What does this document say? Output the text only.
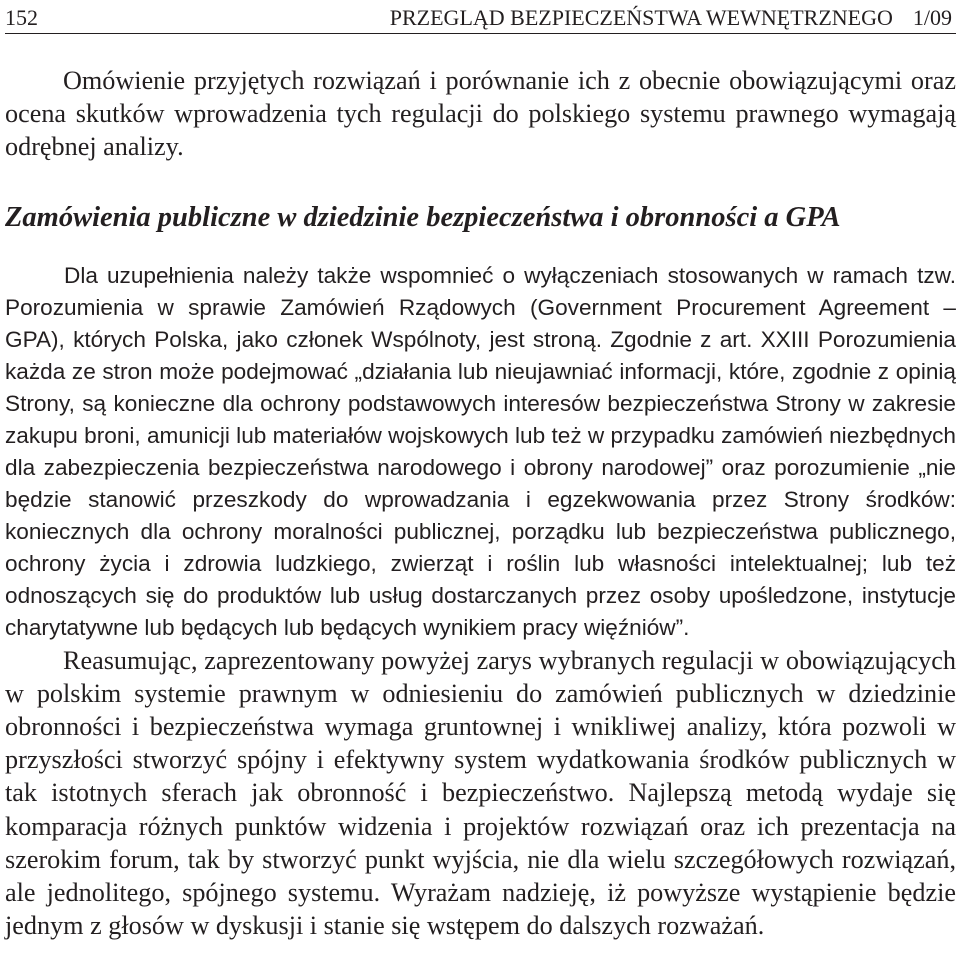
152	PRZEGLĄD BEZPIECZEŃSTWA WEWNĘTRZNEGO 1/09

Omówienie przyjętych rozwiązań i porównanie ich z obecnie obowiązującymi oraz ocena skutków wprowadzenia tych regulacji do polskiego systemu prawnego wymagają odrębnej analizy.

Zamówienia publiczne w dziedzinie bezpieczeństwa i obronności a GPA

Dla uzupełnienia należy także wspomnieć o wyłączeniach stosowanych w ramach tzw. Porozumienia w sprawie Zamówień Rządowych (Government Procurement Agreement – GPA), których Polska, jako członek Wspólnoty, jest stroną. Zgodnie z art. XXIII Porozumienia każda ze stron może podejmować „działania lub nieujawniać informacji, które, zgodnie z opinią Strony, są konieczne dla ochrony podstawowych interesów bezpieczeństwa Strony w zakresie zakupu broni, amunicji lub materiałów wojskowych lub też w przypadku zamówień niezbędnych dla zabezpieczenia bezpieczeństwa narodowego i obrony narodowej” oraz porozumienie „nie będzie stanowić przeszkody do wprowadzania i egzekwowania przez Strony środków: koniecznych dla ochrony moralności publicznej, porządku lub bezpieczeństwa publicznego, ochrony życia i zdrowia ludzkiego, zwierząt i roślin lub własności intelektualnej; lub też odnoszących się do produktów lub usług dostarczanych przez osoby upośledzone, instytucje charytatywne lub będących lub będących wynikiem pracy więźniów”.

Reasumując, zaprezentowany powyżej zarys wybranych regulacji w obowiązujących w polskim systemie prawnym w odniesieniu do zamówień publicznych w dziedzinie obronności i bezpieczeństwa wymaga gruntownej i wnikliwej analizy, która pozwoli w przyszłości stworzyć spójny i efektywny system wydatkowania środków publicznych w tak istotnych sferach jak obronność i bezpieczeństwo. Najlepszą metodą wydaje się komparacja różnych punktów widzenia i projektów rozwiązań oraz ich prezentacja na szerokim forum, tak by stworzyć punkt wyjścia, nie dla wielu szczegółowych rozwiązań, ale jednolitego, spójnego systemu. Wyrażam nadzieję, iż powyższe wystąpienie będzie jednym z głosów w dyskusji i stanie się wstępem do dalszych rozważań.
